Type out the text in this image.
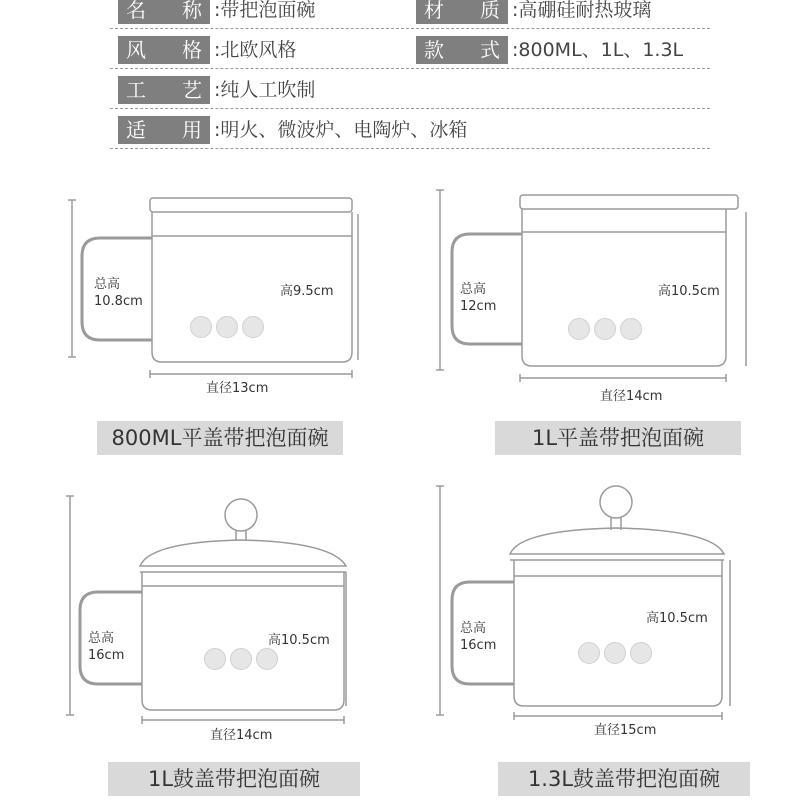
名 称 :带把泡面碗	材 质 :高硼硅耐热玻璃
风 格 :北欧风格	款 式 :800ML、1L、1.3L
工 艺 :纯人工吹制
适 用 :明火、微波炉、电陶炉、冰箱
总高
10.8cm
高9.5cm
直径13cm
800ML平盖带把泡面碗
总高
12cm
高10.5cm
直径14cm
1L平盖带把泡面碗
总高
16cm
高10.5cm
直径14cm
1L鼓盖带把泡面碗
总高
16cm
高10.5cm
直径15cm
1.3L鼓盖带把泡面碗
